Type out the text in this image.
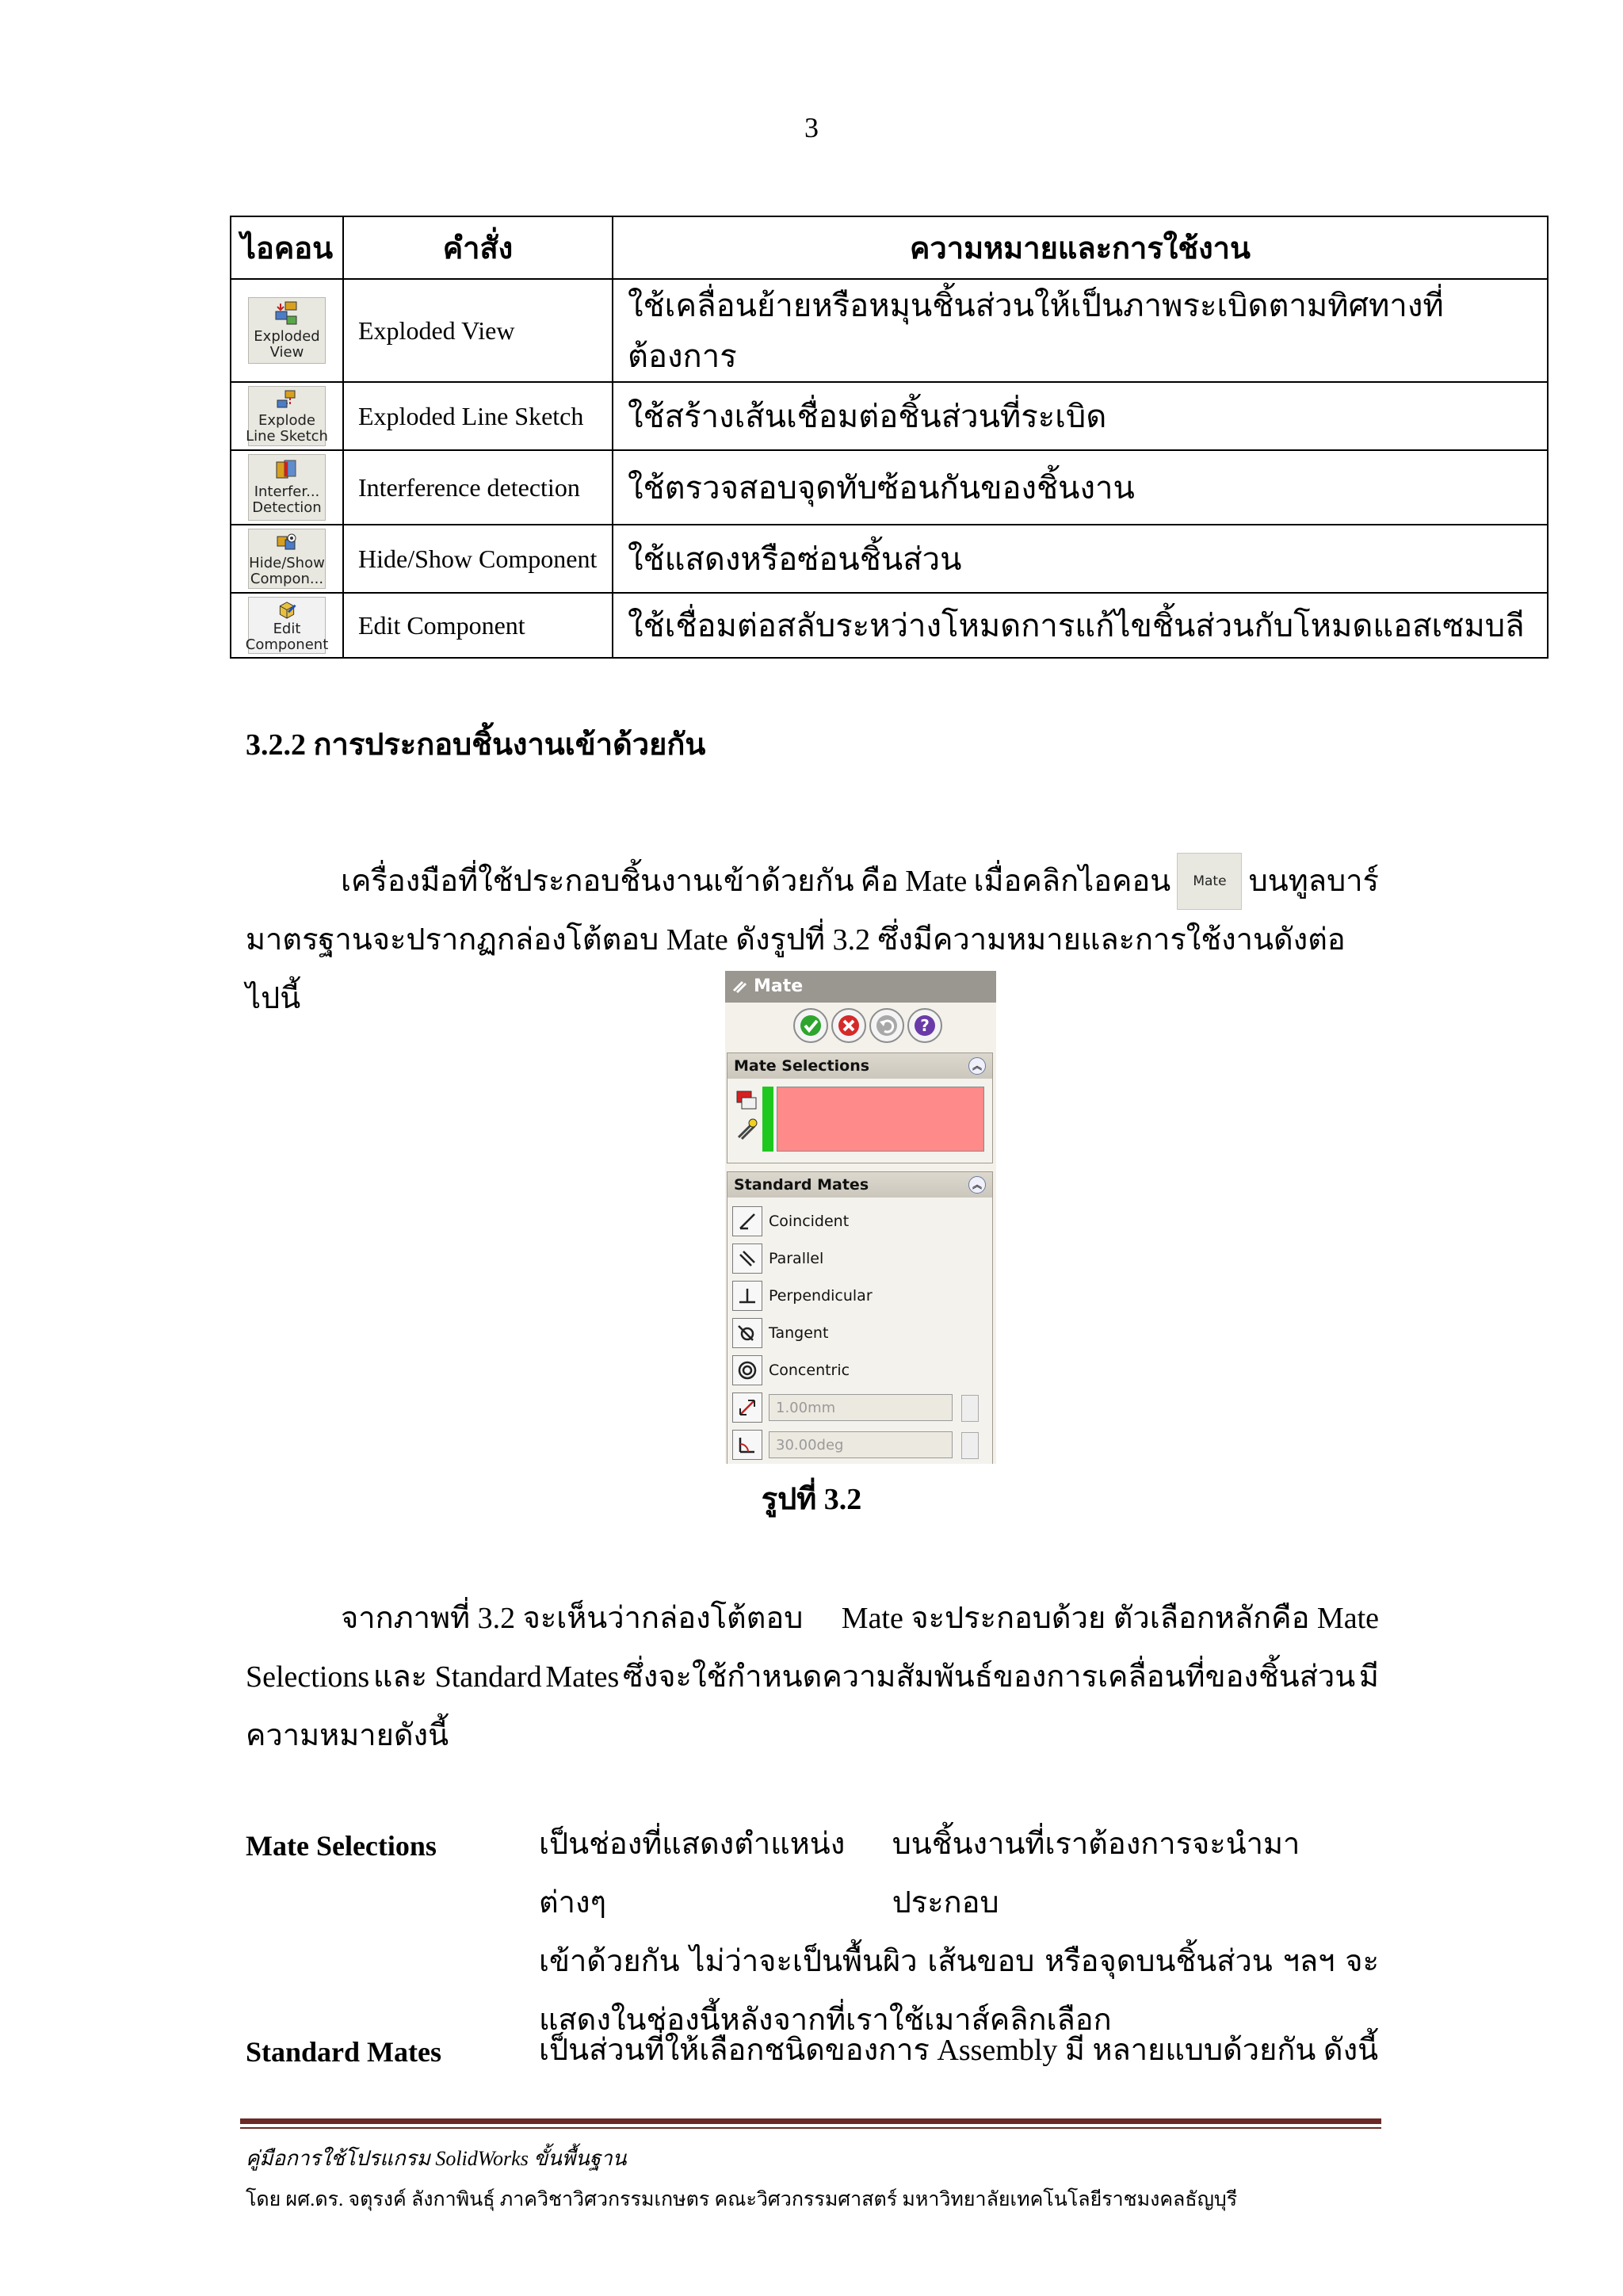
3
ไอคอน	คำสั่ง	ความหมายและการใช้งาน

Exploded
View	Exploded View	ใช้เคลื่อนย้ายหรือหมุนชิ้นส่วนให้เป็นภาพระเบิดตามทิศทางที่ต้องการ

Explode
Line Sketch	Exploded Line Sketch	ใช้สร้างเส้นเชื่อมต่อชิ้นส่วนที่ระเบิด

Interfer...
Detection	Interference detection	ใช้ตรวจสอบจุดทับซ้อนกันของชิ้นงาน

Hide/Show
Compon...	Hide/Show Component	ใช้แสดงหรือซ่อนชิ้นส่วน

Edit
Component	Edit Component	ใช้เชื่อมต่อสลับระหว่างโหมดการแก้ไขชิ้นส่วนกับโหมดแอสเซมบลี
3.2.2 การประกอบชิ้นงานเข้าด้วยกัน
เครื่องมือที่ใช้ประกอบชิ้นงานเข้าด้วยกัน คือ Mate เมื่อคลิกไอคอน Mate บนทูลบาร์
มาตรฐานจะปรากฏกล่องโต้ตอบ Mate ดังรูปที่ 3.2 ซึ่งมีความหมายและการใช้งานดังต่อไปนี้	Mate
?
Mate Selections	︽
Standard Mates	︽
Coincident
Parallel
Perpendicular
Tangent
Concentric
1.00mm
30.00deg
รูปที่ 3.2
จากภาพที่ 3.2 จะเห็นว่ากล่องโต้ตอบ Mate จะประกอบด้วย ตัวเลือกหลักคือ Mate
Selections และ Standard Mates ซึ่งจะใช้กำหนดความสัมพันธ์ของการเคลื่อนที่ของชิ้นส่วน มี
ความหมายดังนี้
Mate Selections	เป็นช่องที่แสดงตำแหน่งต่างๆ
บนชิ้นงานที่เราต้องการจะนำมาประกอบ
เข้าด้วยกัน ไม่ว่าจะเป็นพื้นผิว เส้นขอบ หรือจุดบนชิ้นส่วน ฯลฯ จะ
แสดงในช่องนี้หลังจากที่เราใช้เมาส์คลิกเลือก
Standard Mates	เป็นส่วนที่ให้เลือกชนิดของการ Assembly มี หลายแบบด้วยกัน ดังนี้
คู่มือการใช้โปรแกรม SolidWorks ขั้นพื้นฐาน
โดย ผศ.ดร. จตุรงค์ ลังกาพินธุ์ ภาควิชาวิศวกรรมเกษตร คณะวิศวกรรมศาสตร์ มหาวิทยาลัยเทคโนโลยีราชมงคลธัญบุรี
